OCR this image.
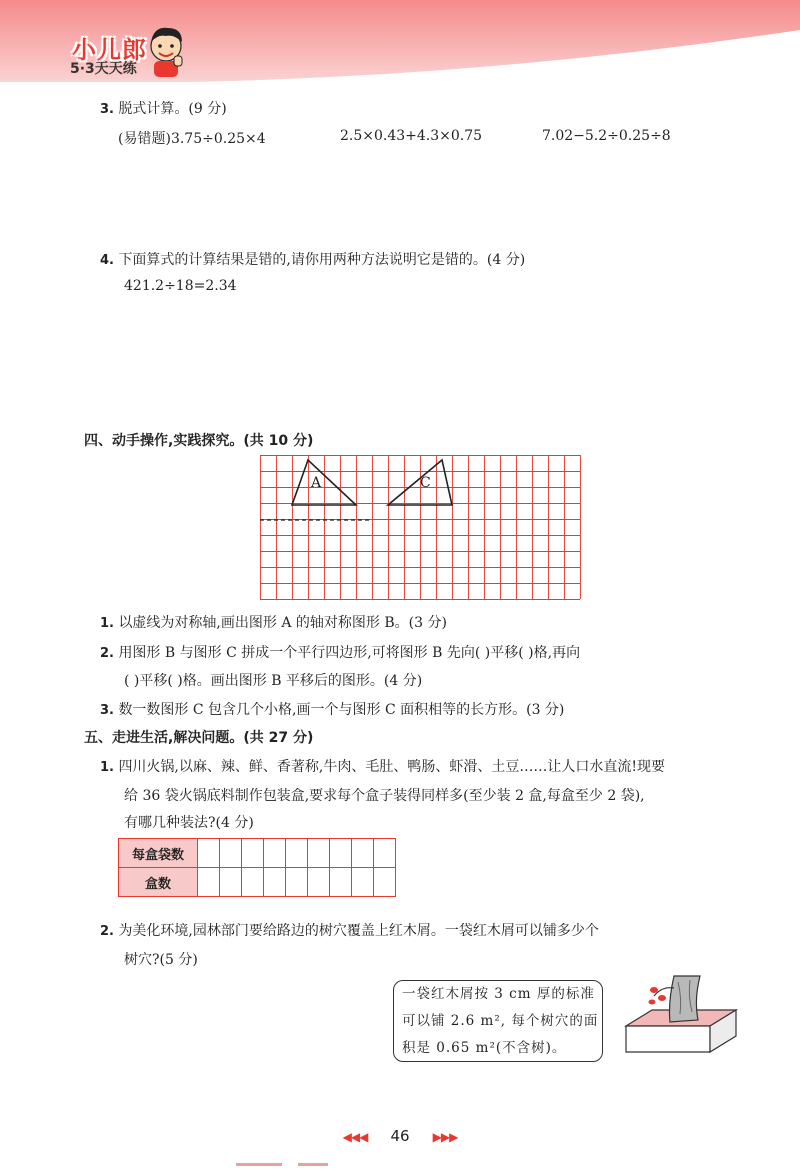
小儿郎
5·3天天练
3. 脱式计算。(9 分)
(易错题)3.75÷0.25×4	2.5×0.43+4.3×0.75	7.02−5.2÷0.25÷8
4. 下面算式的计算结果是错的,请你用两种方法说明它是错的。(4 分)
421.2÷18=2.34
四、动手操作,实践探究。(共 10 分)
A	C
1. 以虚线为对称轴,画出图形 A 的轴对称图形 B。(3 分)
2. 用图形 B 与图形 C 拼成一个平行四边形,可将图形 B 先向( )平移( )格,再向
( )平移( )格。画出图形 B 平移后的图形。(4 分)
3. 数一数图形 C 包含几个小格,画一个与图形 C 面积相等的长方形。(3 分)
五、走进生活,解决问题。(共 27 分)
1. 四川火锅,以麻、辣、鲜、香著称,牛肉、毛肚、鸭肠、虾滑、土豆……让人口水直流!现要
给 36 袋火锅底料制作包装盒,要求每个盒子装得同样多(至少装 2 盒,每盒至少 2 袋),
有哪几种装法?(4 分)
每盒袋数									
盒数									
2. 为美化环境,园林部门要给路边的树穴覆盖上红木屑。一袋红木屑可以铺多少个
树穴?(5 分)
一袋红木屑按 3 cm 厚的标准
可以铺 2.6 m², 每个树穴的面
积是 0.65 m²(不含树)。
◀◀◀ 46 ▶▶▶
